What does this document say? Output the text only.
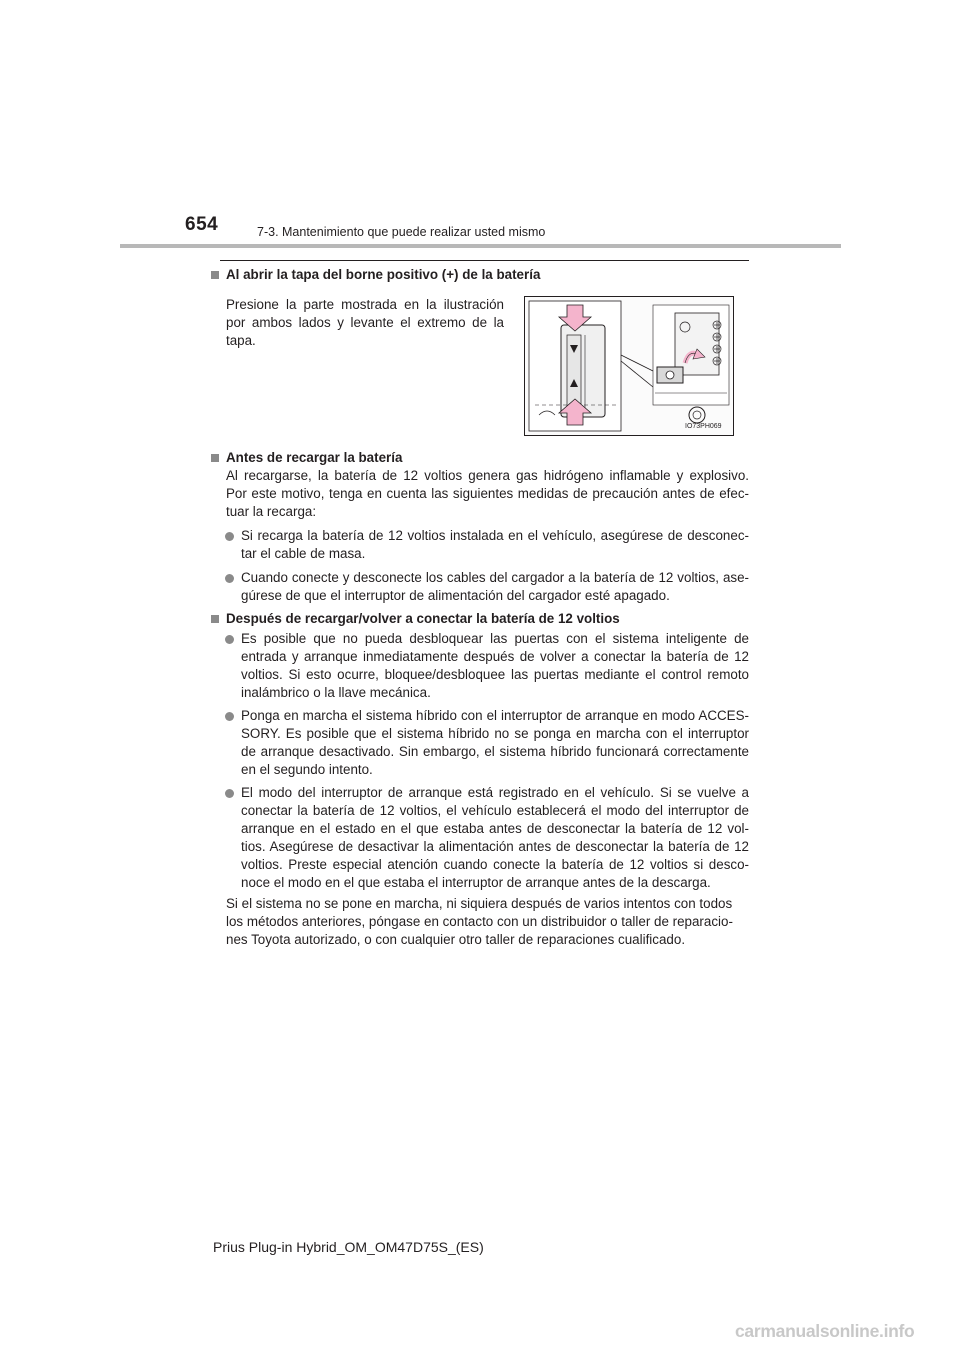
654	7-3. Mantenimiento que puede realizar usted mismo
Al abrir la tapa del borne positivo (+) de la batería
Presione la parte mostrada en la ilustración
por ambos lados y levante el extremo de la
tapa.
IO73PH069
Antes de recargar la batería
Al recargarse, la batería de 12 voltios genera gas hidrógeno inflamable y explosivo.
Por este motivo, tenga en cuenta las siguientes medidas de precaución antes de efec-
tuar la recarga:
Si recarga la batería de 12 voltios instalada en el vehículo, asegúrese de desconec-
tar el cable de masa.
Cuando conecte y desconecte los cables del cargador a la batería de 12 voltios, ase-
gúrese de que el interruptor de alimentación del cargador esté apagado.
Después de recargar/volver a conectar la batería de 12 voltios
Es posible que no pueda desbloquear las puertas con el sistema inteligente de
entrada y arranque inmediatamente después de volver a conectar la batería de 12
voltios. Si esto ocurre, bloquee/desbloquee las puertas mediante el control remoto
inalámbrico o la llave mecánica.
Ponga en marcha el sistema híbrido con el interruptor de arranque en modo ACCES-
SORY. Es posible que el sistema híbrido no se ponga en marcha con el interruptor
de arranque desactivado. Sin embargo, el sistema híbrido funcionará correctamente
en el segundo intento.
El modo del interruptor de arranque está registrado en el vehículo. Si se vuelve a
conectar la batería de 12 voltios, el vehículo establecerá el modo del interruptor de
arranque en el estado en el que estaba antes de desconectar la batería de 12 vol-
tios. Asegúrese de desactivar la alimentación antes de desconectar la batería de 12
voltios. Preste especial atención cuando conecte la batería de 12 voltios si desco-
noce el modo en el que estaba el interruptor de arranque antes de la descarga.
Si el sistema no se pone en marcha, ni siquiera después de varios intentos con todos
los métodos anteriores, póngase en contacto con un distribuidor o taller de reparacio-
nes Toyota autorizado, o con cualquier otro taller de reparaciones cualificado.
Prius Plug-in Hybrid_OM_OM47D75S_(ES)
carmanualsonline.info
